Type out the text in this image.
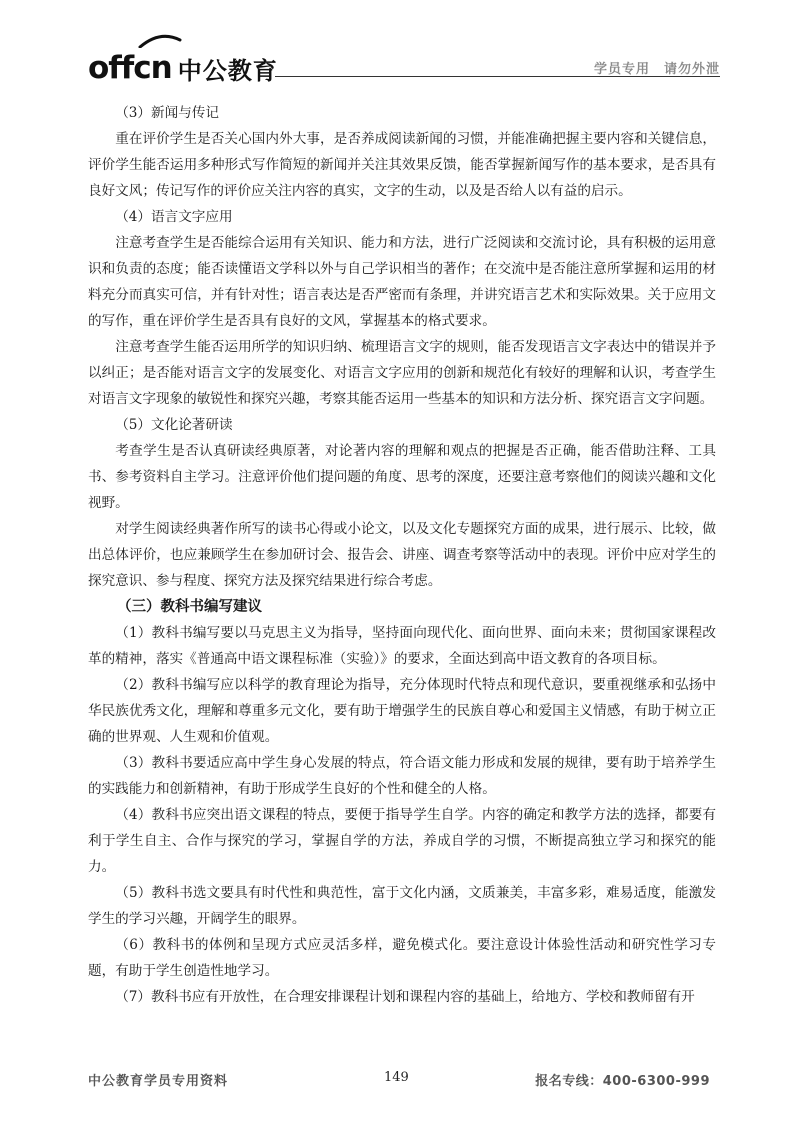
offcn 中公教育	学员专用　请勿外泄

（3）新闻与传记

重在评价学生是否关心国内外大事，是否养成阅读新闻的习惯，并能准确把握主要内容和关键信息，评价学生能否运用多种形式写作简短的新闻并关注其效果反馈，能否掌握新闻写作的基本要求，是否具有良好文风；传记写作的评价应关注内容的真实，文字的生动，以及是否给人以有益的启示。

（4）语言文字应用

注意考查学生是否能综合运用有关知识、能力和方法，进行广泛阅读和交流讨论，具有积极的运用意识和负责的态度；能否读懂语文学科以外与自己学识相当的著作；在交流中是否能注意所掌握和运用的材料充分而真实可信，并有针对性；语言表达是否严密而有条理，并讲究语言艺术和实际效果。关于应用文的写作，重在评价学生是否具有良好的文风，掌握基本的格式要求。

注意考查学生能否运用所学的知识归纳、梳理语言文字的规则，能否发现语言文字表达中的错误并予以纠正；是否能对语言文字的发展变化、对语言文字应用的创新和规范化有较好的理解和认识，考查学生对语言文字现象的敏锐性和探究兴趣，考察其能否运用一些基本的知识和方法分析、探究语言文字问题。

（5）文化论著研读

考查学生是否认真研读经典原著，对论著内容的理解和观点的把握是否正确，能否借助注释、工具书、参考资料自主学习。注意评价他们提问题的角度、思考的深度，还要注意考察他们的阅读兴趣和文化视野。

对学生阅读经典著作所写的读书心得或小论文，以及文化专题探究方面的成果，进行展示、比较，做出总体评价，也应兼顾学生在参加研讨会、报告会、讲座、调查考察等活动中的表现。评价中应对学生的探究意识、参与程度、探究方法及探究结果进行综合考虑。

（三）教科书编写建议

（1）教科书编写要以马克思主义为指导，坚持面向现代化、面向世界、面向未来；贯彻国家课程改革的精神，落实《普通高中语文课程标准（实验）》的要求，全面达到高中语文教育的各项目标。

（2）教科书编写应以科学的教育理论为指导，充分体现时代特点和现代意识，要重视继承和弘扬中华民族优秀文化，理解和尊重多元文化，要有助于增强学生的民族自尊心和爱国主义情感，有助于树立正确的世界观、人生观和价值观。

（3）教科书要适应高中学生身心发展的特点，符合语文能力形成和发展的规律，要有助于培养学生的实践能力和创新精神，有助于形成学生良好的个性和健全的人格。

（4）教科书应突出语文课程的特点，要便于指导学生自学。内容的确定和教学方法的选择，都要有利于学生自主、合作与探究的学习，掌握自学的方法，养成自学的习惯，不断提高独立学习和探究的能力。

（5）教科书选文要具有时代性和典范性，富于文化内涵，文质兼美，丰富多彩，难易适度，能激发学生的学习兴趣，开阔学生的眼界。

（6）教科书的体例和呈现方式应灵活多样，避免模式化。要注意设计体验性活动和研究性学习专题，有助于学生创造性地学习。

（7）教科书应有开放性，在合理安排课程计划和课程内容的基础上，给地方、学校和教师留有开

中公教育学员专用资料	149	报名专线：400-6300-999
